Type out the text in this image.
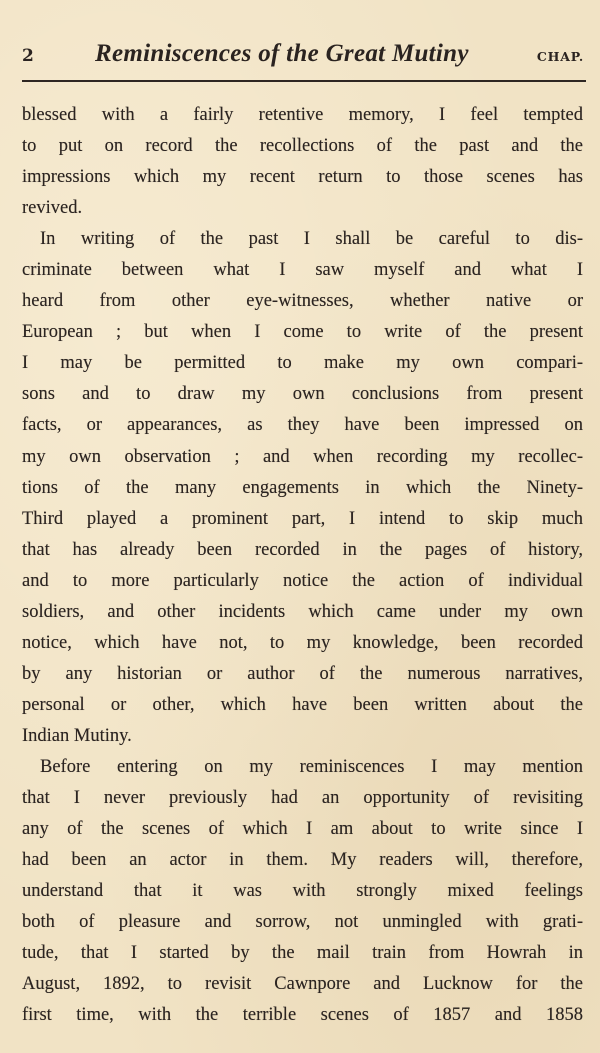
2 Reminiscences of the Great Mutiny	CHAP.
blessed with a fairly retentive memory, I feel tempted
to put on record the recollections of the past and the
impressions which my recent return to those scenes has
revived.
In writing of the past I shall be careful to dis-
criminate between what I saw myself and what I
heard from other eye-witnesses, whether native or
European ; but when I come to write of the present
I may be permitted to make my own compari-
sons and to draw my own conclusions from present
facts, or appearances, as they have been impressed on
my own observation ; and when recording my recollec-
tions of the many engagements in which the Ninety-
Third played a prominent part, I intend to skip much
that has already been recorded in the pages of history,
and to more particularly notice the action of individual
soldiers, and other incidents which came under my own
notice, which have not, to my knowledge, been recorded
by any historian or author of the numerous narratives,
personal or other, which have been written about the
Indian Mutiny.
Before entering on my reminiscences I may mention
that I never previously had an opportunity of revisiting
any of the scenes of which I am about to write since I
had been an actor in them. My readers will, therefore,
understand that it was with strongly mixed feelings
both of pleasure and sorrow, not unmingled with grati-
tude, that I started by the mail train from Howrah in
August, 1892, to revisit Cawnpore and Lucknow for the
first time, with the terrible scenes of 1857 and 1858
